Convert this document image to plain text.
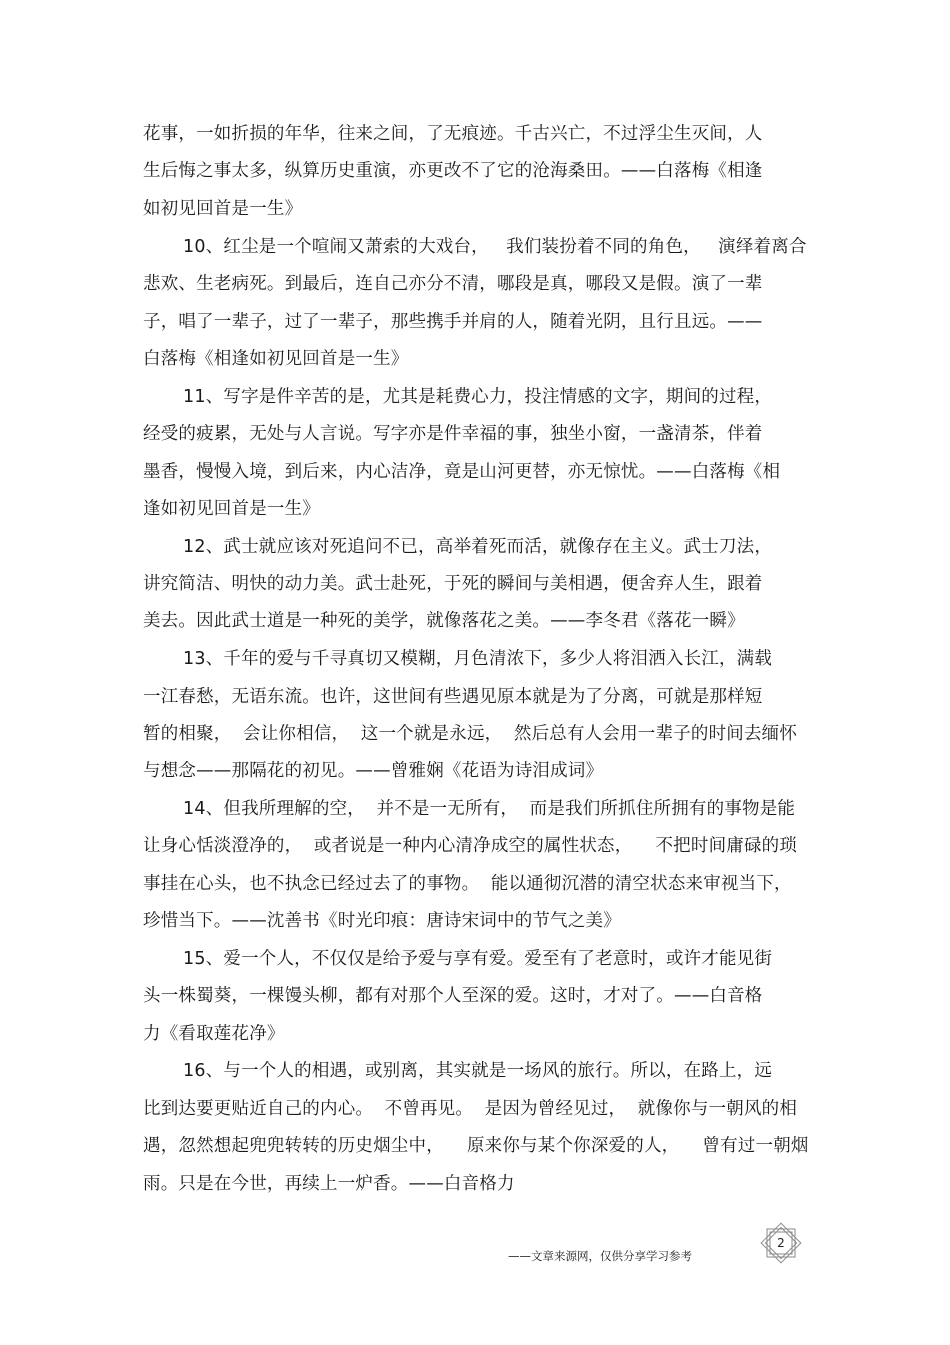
花事，一如折损的年华，往来之间，了无痕迹。千古兴亡，不过浮尘生灭间，人
生后悔之事太多，纵算历史重演，亦更改不了它的沧海桑田。——白落梅《相逢
如初见回首是一生》
10、红尘是一个喧闹又萧索的大戏台，   我们装扮着不同的角色，   演绎着离合
悲欢、生老病死。到最后，连自己亦分不清，哪段是真，哪段又是假。演了一辈
子，唱了一辈子，过了一辈子，那些携手并肩的人，随着光阴，且行且远。——
白落梅《相逢如初见回首是一生》
11、写字是件辛苦的是，尤其是耗费心力，投注情感的文字，期间的过程，
经受的疲累，无处与人言说。写字亦是件幸福的事，独坐小窗，一盏清茶，伴着
墨香，慢慢入境，到后来，内心洁净，竟是山河更替，亦无惊忧。——白落梅《相
逢如初见回首是一生》
12、武士就应该对死追问不已，高举着死而活，就像存在主义。武士刀法，
讲究简洁、明快的动力美。武士赴死，于死的瞬间与美相遇，便舍弃人生，跟着
美去。因此武士道是一种死的美学，就像落花之美。——李冬君《落花一瞬》
13、千年的爱与千寻真切又模糊，月色清浓下，多少人将泪洒入长江，满载
一江春愁，无语东流。也许，这世间有些遇见原本就是为了分离，可就是那样短
暂的相聚，  会让你相信，  这一个就是永远，  然后总有人会用一辈子的时间去缅怀
与想念——那隔花的初见。——曾雅娴《花语为诗泪成词》
14、但我所理解的空，  并不是一无所有，  而是我们所抓住所拥有的事物是能
让身心恬淡澄净的，  或者说是一种内心清净成空的属性状态，    不把时间庸碌的琐
事挂在心头，也不执念已经过去了的事物。  能以通彻沉潜的清空状态来审视当下，
珍惜当下。——沈善书《时光印痕：唐诗宋词中的节气之美》
15、爱一个人，不仅仅是给予爱与享有爱。爱至有了老意时，或许才能见街
头一株蜀葵，一棵馒头柳，都有对那个人至深的爱。这时，才对了。——白音格
力《看取莲花净》
16、与一个人的相遇，或别离，其实就是一场风的旅行。所以，在路上，远
比到达要更贴近自己的内心。  不曾再见。  是因为曾经见过，  就像你与一朝风的相
遇，忽然想起兜兜转转的历史烟尘中，    原来你与某个你深爱的人，    曾有过一朝烟
雨。只是在今世，再续上一炉香。——白音格力
——文章来源网，仅供分享学习参考
2
